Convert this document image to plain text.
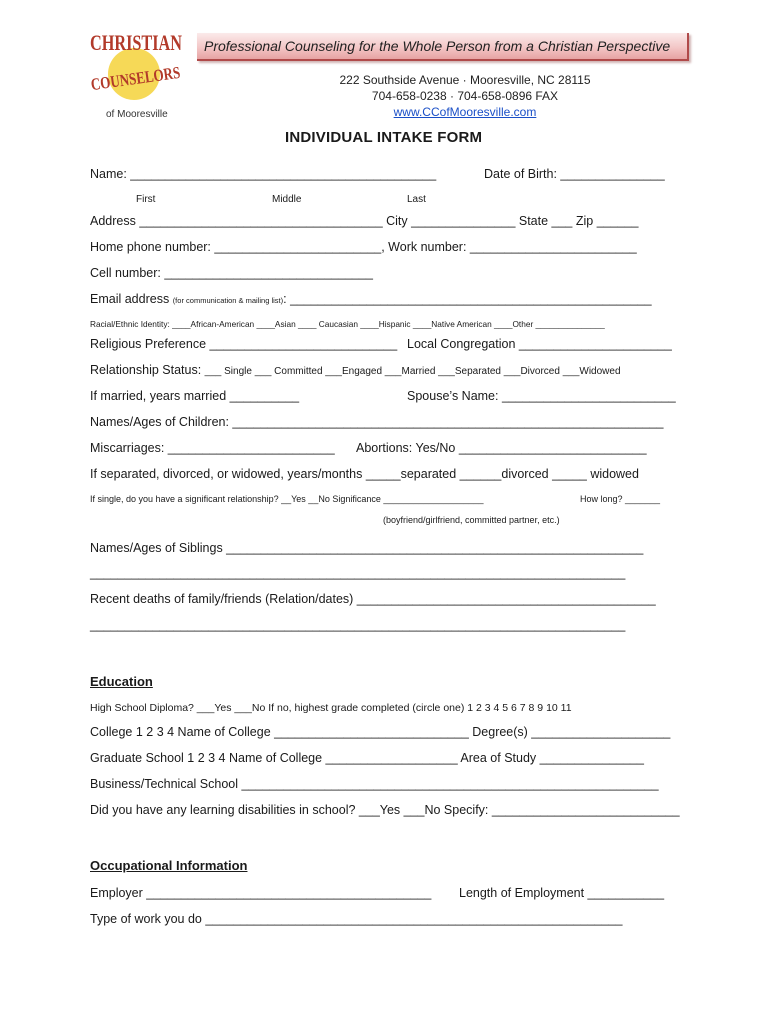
CHRISTIAN
COUNSELORS
of Mooresville
Professional Counseling for the Whole Person from a Christian Perspective
222 Southside Avenue · Mooresville, NC 28115
704-658-0238 · 704-658-0896 FAX
www.CCofMooresville.com
INDIVIDUAL INTAKE FORM
Name: ____________________________________________	Date of Birth: _______________
First	Middle	Last
Address ___________________________________ City _______________ State ___ Zip ______
Home phone number: ________________________, Work number: ________________________
Cell number: ______________________________
Email address (for communication & mailing list): ____________________________________________________
Racial/Ethnic Identity: ____African-American ____Asian ____ Caucasian ____Hispanic ____Native American ____Other _______________
Religious Preference ___________________________ Local Congregation ______________________
Relationship Status: ___ Single ___ Committed ___Engaged ___Married ___Separated ___Divorced ___Widowed
If married, years married __________	Spouse’s Name: _________________________
Names/Ages of Children: ______________________________________________________________
Miscarriages: ________________________ Abortions: Yes/No ___________________________
If separated, divorced, or widowed, years/months _____separated ______divorced _____ widowed
If single, do you have a significant relationship? __Yes __No Significance ____________________	How long? _______
(boyfriend/girlfriend, committed partner, etc.)
Names/Ages of Siblings ____________________________________________________________
_____________________________________________________________________________
Recent deaths of family/friends (Relation/dates) ___________________________________________
_____________________________________________________________________________
Education
High School Diploma? ___Yes ___No If no, highest grade completed (circle one) 1 2 3 4 5 6 7 8 9 10 11
College 1 2 3 4 Name of College ____________________________ Degree(s) ____________________
Graduate School 1 2 3 4 Name of College ___________________ Area of Study _______________
Business/Technical School ____________________________________________________________
Did you have any learning disabilities in school? ___Yes ___No Specify: ___________________________
Occupational Information
Employer _________________________________________ Length of Employment ___________
Type of work you do ____________________________________________________________
